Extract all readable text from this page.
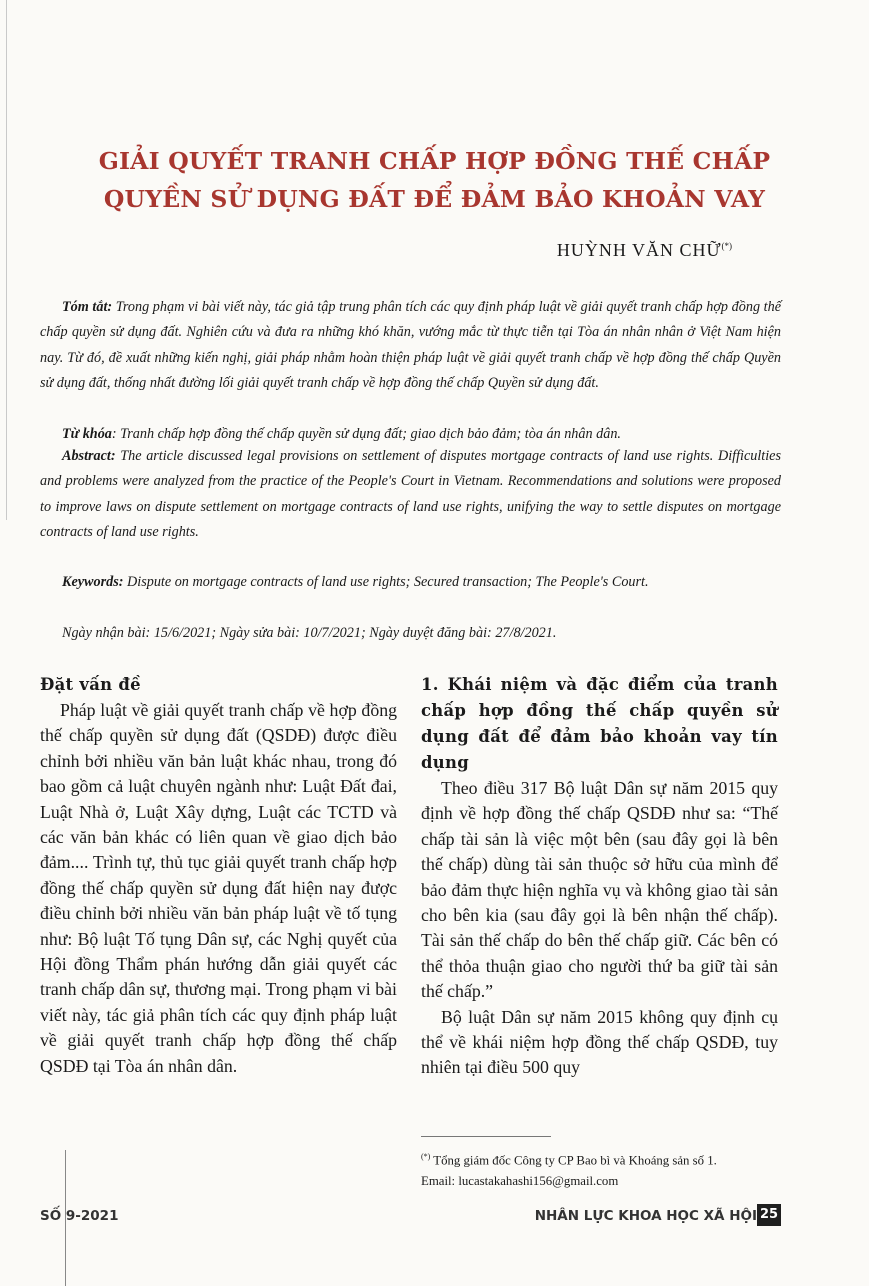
GIẢI QUYẾT TRANH CHẤP HỢP ĐỒNG THẾ CHẤP
QUYỀN SỬ DỤNG ĐẤT ĐỂ ĐẢM BẢO KHOẢN VAY
HUỲNH VĂN CHỮ(*)
Tóm tắt: Trong phạm vi bài viết này, tác giả tập trung phân tích các quy định pháp luật về giải quyết tranh chấp hợp đồng thế chấp quyền sử dụng đất. Nghiên cứu và đưa ra những khó khăn, vướng mắc từ thực tiễn tại Tòa án nhân nhân ở Việt Nam hiện nay. Từ đó, đề xuất những kiến nghị, giải pháp nhằm hoàn thiện pháp luật về giải quyết tranh chấp về hợp đồng thế chấp Quyền sử dụng đất, thống nhất đường lối giải quyết tranh chấp về hợp đồng thế chấp Quyền sử dụng đất.
Từ khóa: Tranh chấp hợp đồng thế chấp quyền sử dụng đất; giao dịch bảo đảm; tòa án nhân dân.
Abstract: The article discussed legal provisions on settlement of disputes mortgage contracts of land use rights. Difficulties and problems were analyzed from the practice of the People's Court in Vietnam. Recommendations and solutions were proposed to improve laws on dispute settlement on mortgage contracts of land use rights, unifying the way to settle disputes on mortgage contracts of land use rights.
Keywords: Dispute on mortgage contracts of land use rights; Secured transaction; The People's Court.
Ngày nhận bài: 15/6/2021; Ngày sửa bài: 10/7/2021; Ngày duyệt đăng bài: 27/8/2021.
Đặt vấn đề

Pháp luật về giải quyết tranh chấp về hợp đồng thế chấp quyền sử dụng đất (QSDĐ) được điều chỉnh bởi nhiều văn bản luật khác nhau, trong đó bao gồm cả luật chuyên ngành như: Luật Đất đai, Luật Nhà ở, Luật Xây dựng, Luật các TCTD và các văn bản khác có liên quan về giao dịch bảo đảm.... Trình tự, thủ tục giải quyết tranh chấp hợp đồng thế chấp quyền sử dụng đất hiện nay được điều chỉnh bởi nhiều văn bản pháp luật về tố tụng như: Bộ luật Tố tụng Dân sự, các Nghị quyết của Hội đồng Thẩm phán hướng dẫn giải quyết các tranh chấp dân sự, thương mại. Trong phạm vi bài viết này, tác giả phân tích các quy định pháp luật về giải quyết tranh chấp hợp đồng thế chấp QSDĐ tại Tòa án nhân dân.

1. Khái niệm và đặc điểm của tranh chấp hợp đồng thế chấp quyền sử dụng đất để đảm bảo khoản vay tín dụng

Theo điều 317 Bộ luật Dân sự năm 2015 quy định về hợp đồng thế chấp QSDĐ như sa: “Thế chấp tài sản là việc một bên (sau đây gọi là bên thế chấp) dùng tài sản thuộc sở hữu của mình để bảo đảm thực hiện nghĩa vụ và không giao tài sản cho bên kia (sau đây gọi là bên nhận thế chấp). Tài sản thế chấp do bên thế chấp giữ. Các bên có thể thỏa thuận giao cho người thứ ba giữ tài sản thế chấp.”

Bộ luật Dân sự năm 2015 không quy định cụ thể về khái niệm hợp đồng thế chấp QSDĐ, tuy nhiên tại điều 500 quy

(*) Tổng giám đốc Công ty CP Bao bì và Khoáng sản số 1.
Email: lucastakahashi156@gmail.com
SỐ 9-2021	NHÂN LỰC KHOA HỌC XÃ HỘI 25
